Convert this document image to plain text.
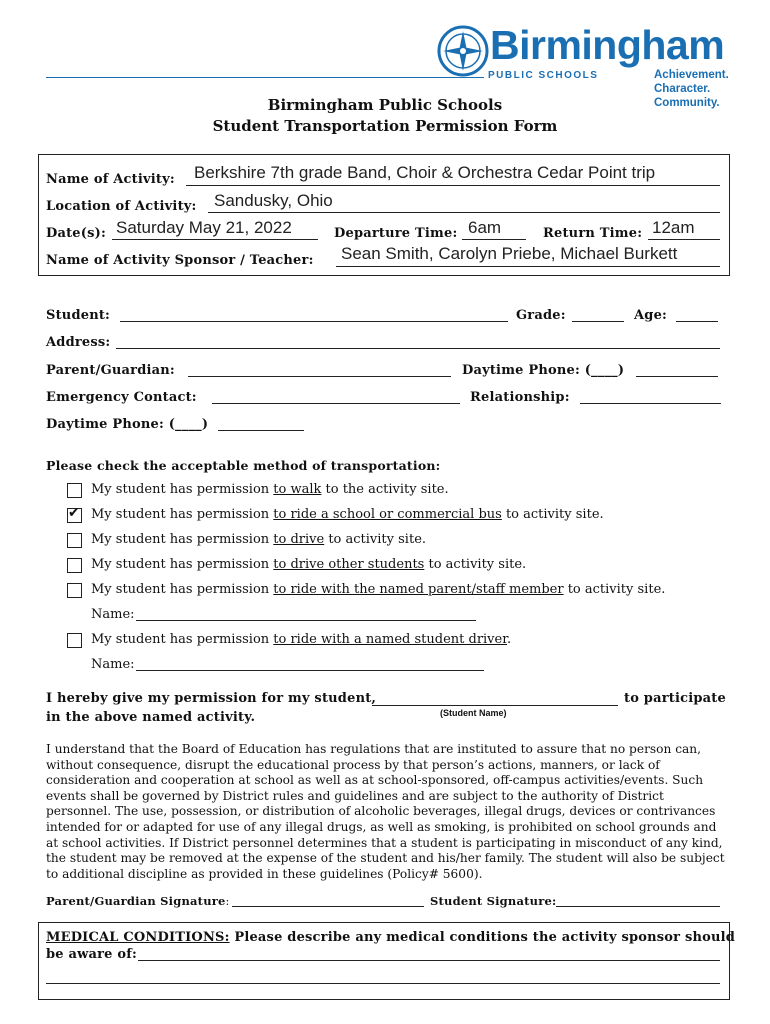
Birmingham
PUBLIC SCHOOLS	Achievement.
Character.
Community.
Birmingham Public Schools
Student Transportation Permission Form
Name of Activity: Berkshire 7th grade Band, Choir & Orchestra Cedar Point trip
Location of Activity: Sandusky, Ohio
Date(s): Saturday May 21, 2022	Departure Time: 6am	Return Time: 12am
Name of Activity Sponsor / Teacher: Sean Smith, Carolyn Priebe, Michael Burkett
Student:	Grade:	Age:
Address:
Parent/Guardian:	Daytime Phone: (____)
Emergency Contact:	Relationship:
Daytime Phone: (____)
Please check the acceptable method of transportation:
My student has permission to walk to the activity site.
✔ My student has permission to ride a school or commercial bus to activity site.
My student has permission to drive to activity site.
My student has permission to drive other students to activity site.
My student has permission to ride with the named parent/staff member to activity site.
Name:
My student has permission to ride with a named student driver.
Name:
I hereby give my permission for my student,	to participate
in the above named activity.	(Student Name)
I understand that the Board of Education has regulations that are instituted to assure that no person can, without consequence, disrupt the educational process by that person’s actions, manners, or lack of consideration and cooperation at school as well as at school-sponsored, off-campus activities/events. Such events shall be governed by District rules and guidelines and are subject to the authority of District personnel. The use, possession, or distribution of alcoholic beverages, illegal drugs, devices or contrivances intended for or adapted for use of any illegal drugs, as well as smoking, is prohibited on school grounds and at school activities. If District personnel determines that a student is participating in misconduct of any kind, the student may be removed at the expense of the student and his/her family. The student will also be subject to additional discipline as provided in these guidelines (Policy# 5600).
Parent/Guardian Signature:	Student Signature:
MEDICAL CONDITIONS: Please describe any medical conditions the activity sponsor should
be aware of:
